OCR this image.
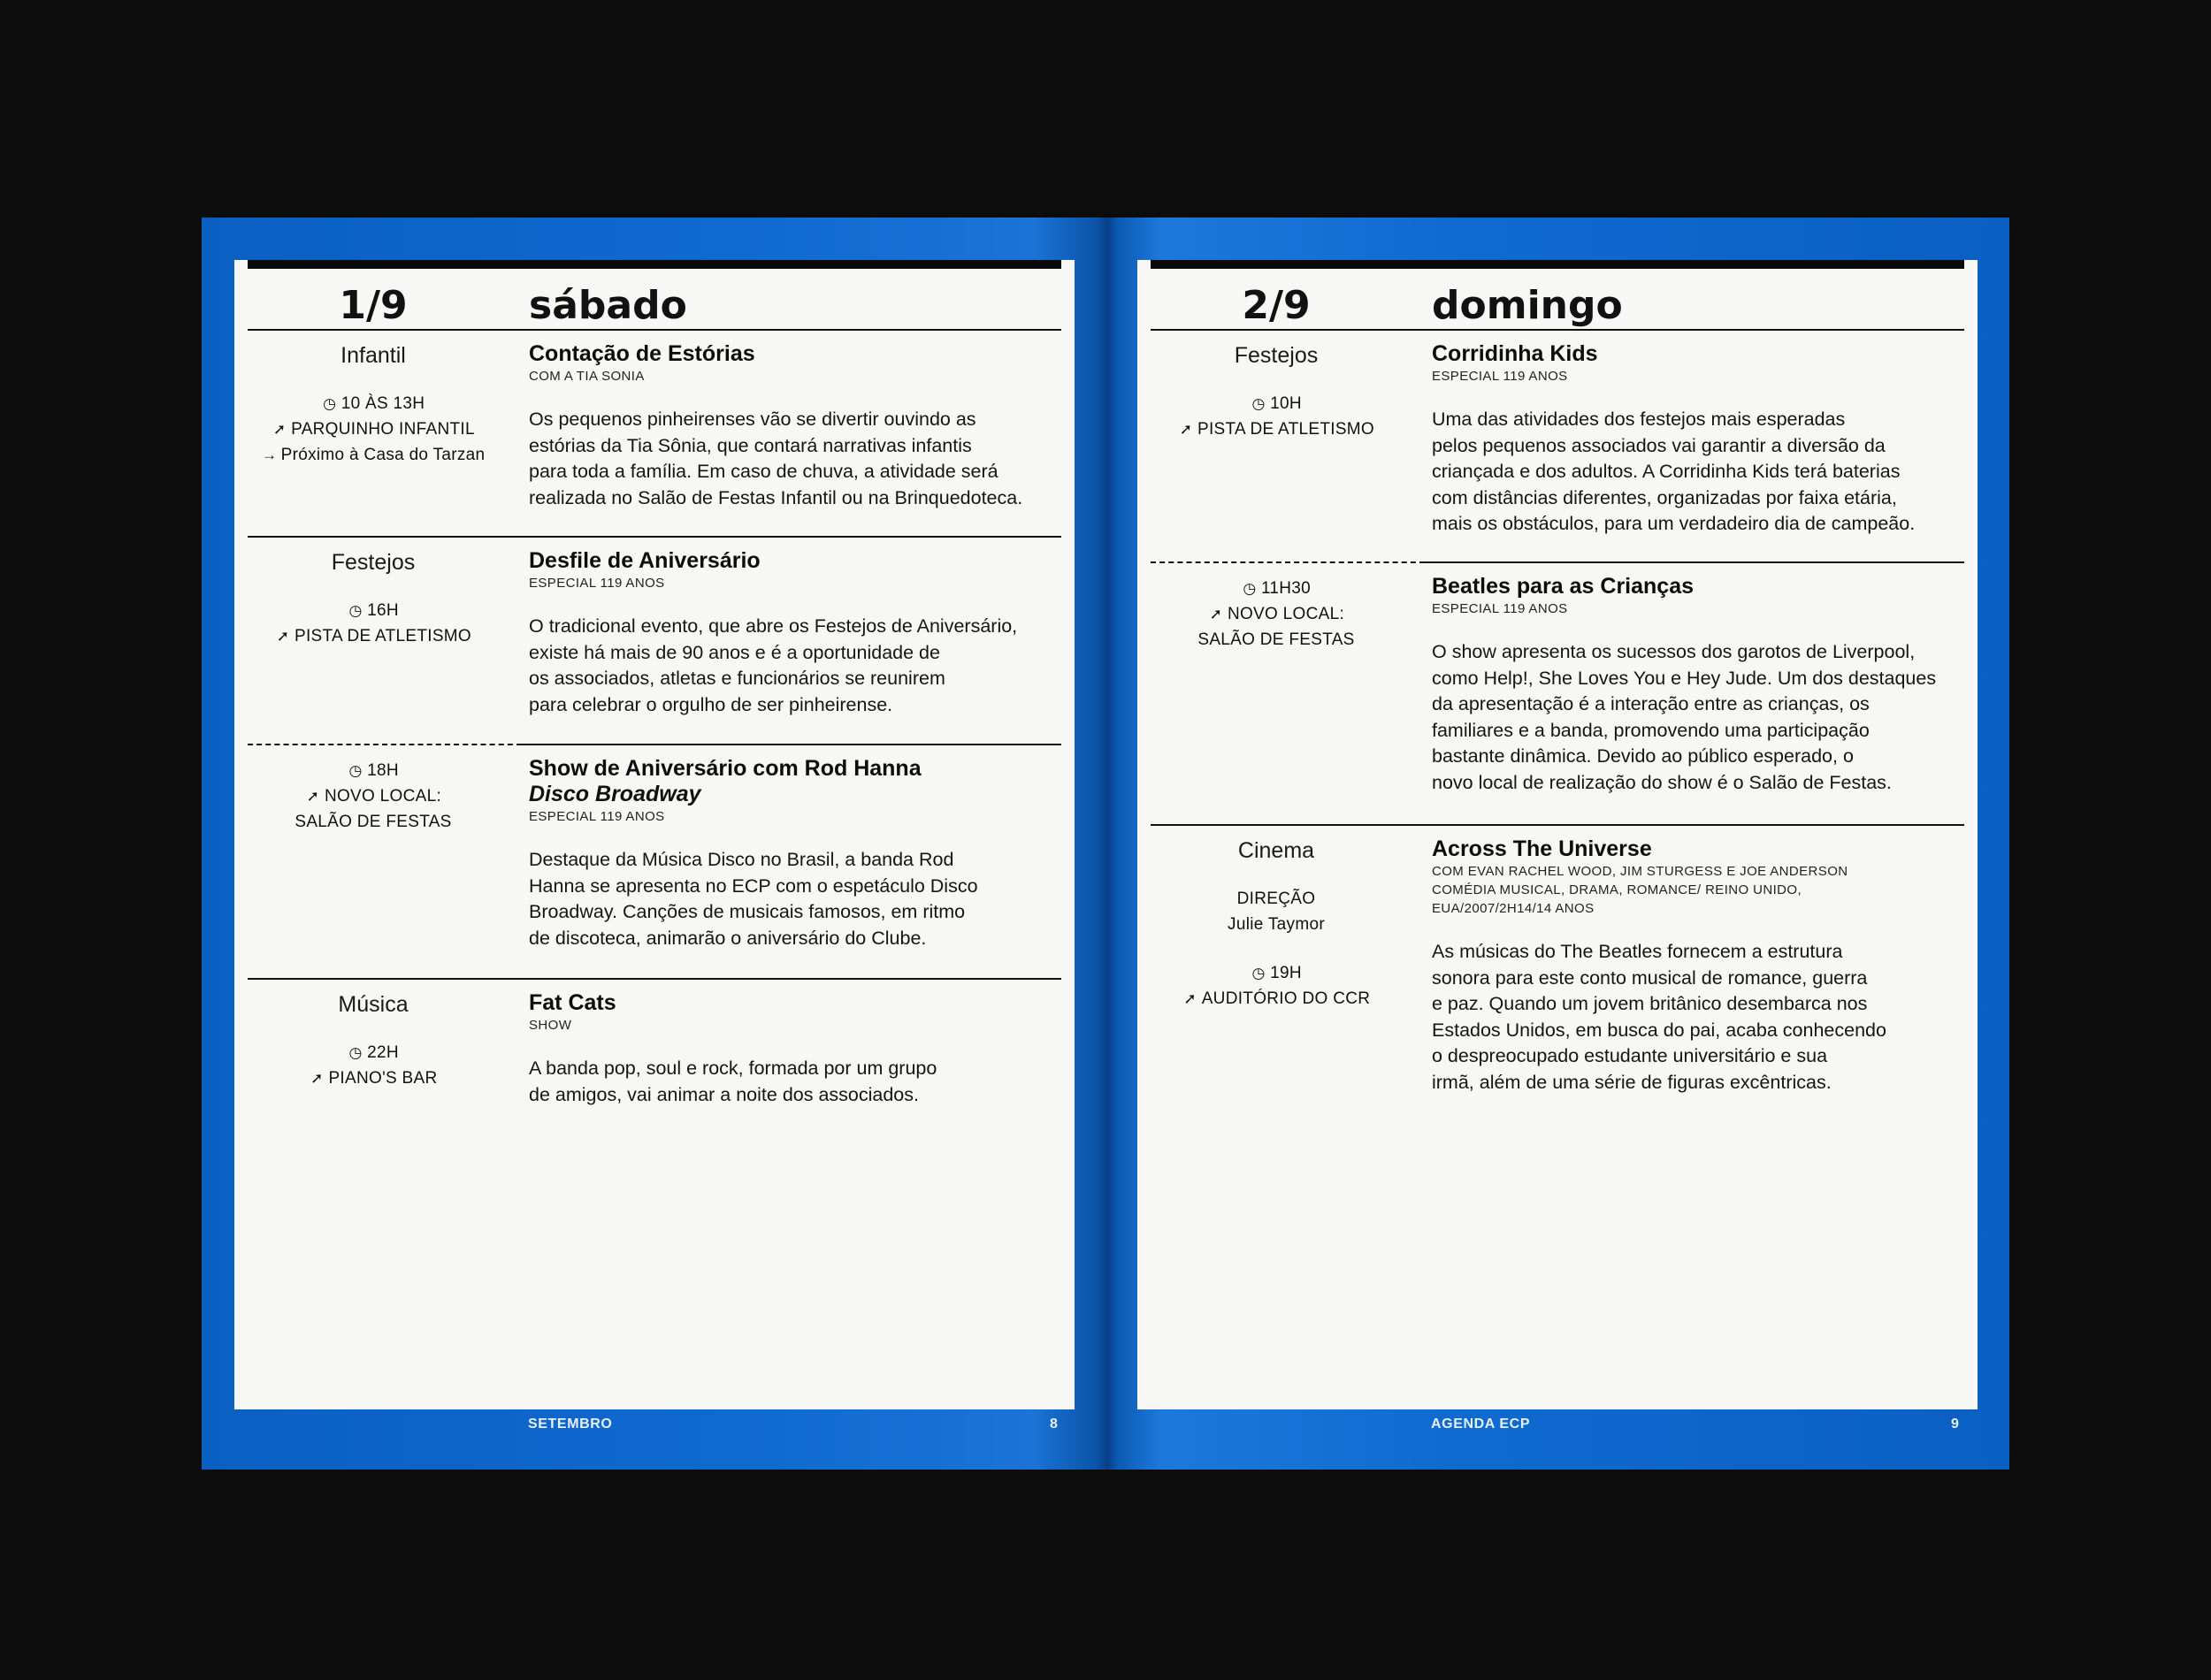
1/9	sábado
Infantil
◷ 10 ÀS 13H
➚ PARQUINHO INFANTIL
→ Próximo à Casa do Tarzan
Contação de Estórias
COM A TIA SONIA

Os pequenos pinheirenses vão se divertir ouvindo as

estórias da Tia Sônia, que contará narrativas infantis

para toda a família. Em caso de chuva, a atividade será

realizada no Salão de Festas Infantil ou na Brinquedoteca.

Festejos
◷ 16H
➚ PISTA DE ATLETISMO
Desfile de Aniversário
ESPECIAL 119 ANOS

O tradicional evento, que abre os Festejos de Aniversário,

existe há mais de 90 anos e é a oportunidade de

os associados, atletas e funcionários se reunirem

para celebrar o orgulho de ser pinheirense.

◷ 18H
➚ NOVO LOCAL:
SALÃO DE FESTAS
Show de Aniversário com Rod Hanna
Disco Broadway
ESPECIAL 119 ANOS

Destaque da Música Disco no Brasil, a banda Rod

Hanna se apresenta no ECP com o espetáculo Disco

Broadway. Canções de musicais famosos, em ritmo

de discoteca, animarão o aniversário do Clube.

Música
◷ 22H
➚ PIANO'S BAR
Fat Cats
SHOW

A banda pop, soul e rock, formada por um grupo

de amigos, vai animar a noite dos associados.

SETEMBRO	8
2/9	domingo
Festejos
◷ 10H
➚ PISTA DE ATLETISMO
Corridinha Kids
ESPECIAL 119 ANOS

Uma das atividades dos festejos mais esperadas

pelos pequenos associados vai garantir a diversão da

criançada e dos adultos. A Corridinha Kids terá baterias

com distâncias diferentes, organizadas por faixa etária,

mais os obstáculos, para um verdadeiro dia de campeão.

◷ 11H30
➚ NOVO LOCAL:
SALÃO DE FESTAS
Beatles para as Crianças
ESPECIAL 119 ANOS

O show apresenta os sucessos dos garotos de Liverpool,

como Help!, She Loves You e Hey Jude. Um dos destaques

da apresentação é a interação entre as crianças, os

familiares e a banda, promovendo uma participação

bastante dinâmica. Devido ao público esperado, o

novo local de realização do show é o Salão de Festas.

Cinema
DIREÇÃO
Julie Taymor
◷ 19H
➚ AUDITÓRIO DO CCR
Across The Universe
COM EVAN RACHEL WOOD, JIM STURGESS E JOE ANDERSON
COMÉDIA MUSICAL, DRAMA, ROMANCE/ REINO UNIDO,
EUA/2007/2H14/14 ANOS

As músicas do The Beatles fornecem a estrutura

sonora para este conto musical de romance, guerra

e paz. Quando um jovem britânico desembarca nos

Estados Unidos, em busca do pai, acaba conhecendo

o despreocupado estudante universitário e sua

irmã, além de uma série de figuras excêntricas.

AGENDA ECP	9
